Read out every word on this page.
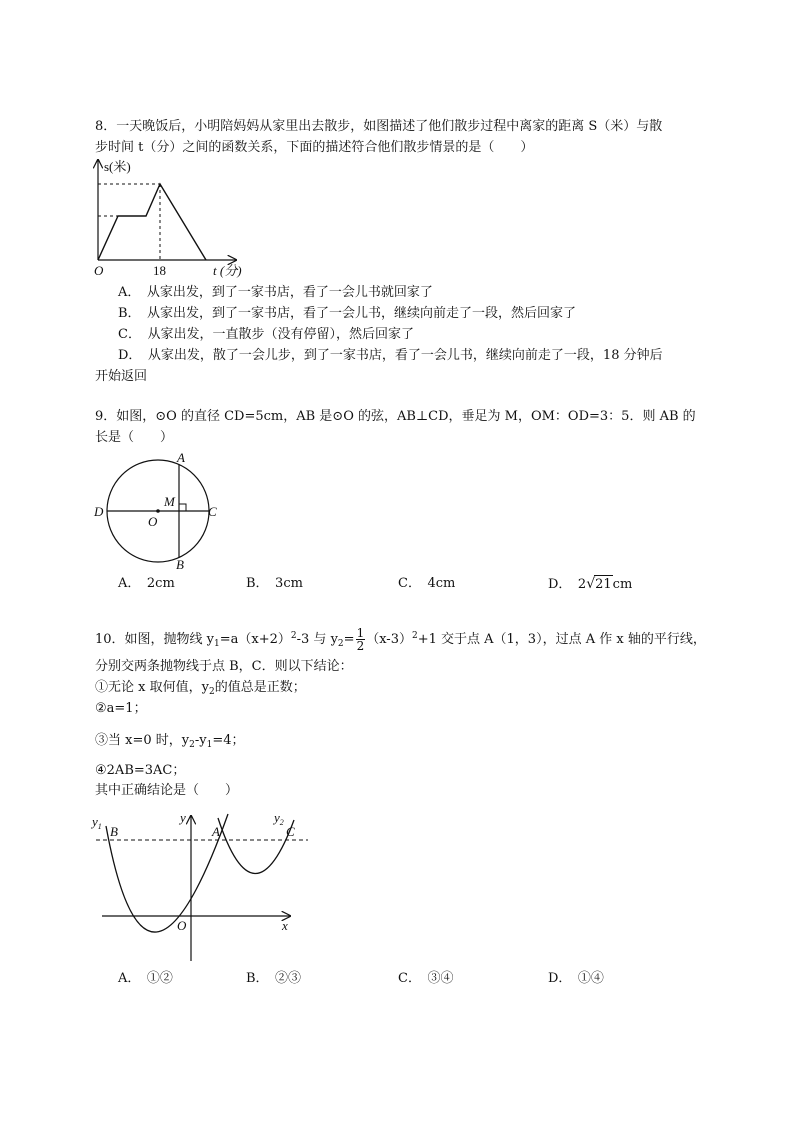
8．一天晚饭后，小明陪妈妈从家里出去散步，如图描述了他们散步过程中离家的距离 S（米）与散
步时间 t（分）之间的函数关系，下面的描述符合他们散步情景的是（　　）
s(米)
t (分)
O	18
A．　从家出发，到了一家书店，看了一会儿书就回家了
B．　从家出发，到了一家书店，看了一会儿书，继续向前走了一段，然后回家了
C．　从家出发，一直散步（没有停留），然后回家了
D．　从家出发，散了一会儿步，到了一家书店，看了一会儿书，继续向前走了一段，18 分钟后
开始返回
9．如图，⊙O 的直径 CD=5cm，AB 是⊙O 的弦，AB⊥CD，垂足为 M，OM：OD=3：5．则 AB 的
长是（　　）
A
B
C
D
M
O
A．　2cm	B．　3cm	C．　4cm	D．　2√21cm
10．如图，抛物线 $y_1=a(x+2)^2-3$ 与 $y_2= \frac{1}{2} (x-3)^2+1$ 交于点 A（1，3），过点 A 作 x 轴的平行线，
分别交两条抛物线于点 B，C．则以下结论：
①无论 x 取何值，$y_2$的值总是正数；
②a=1；
③当 x=0 时，$y_2-y_1=4$；
④2AB=3AC；
其中正确结论是（　　）
$y_1$ B	A
$y_2$
C
y
x
O
A．　①②	B．　②③	C．　③④	D．　①④
